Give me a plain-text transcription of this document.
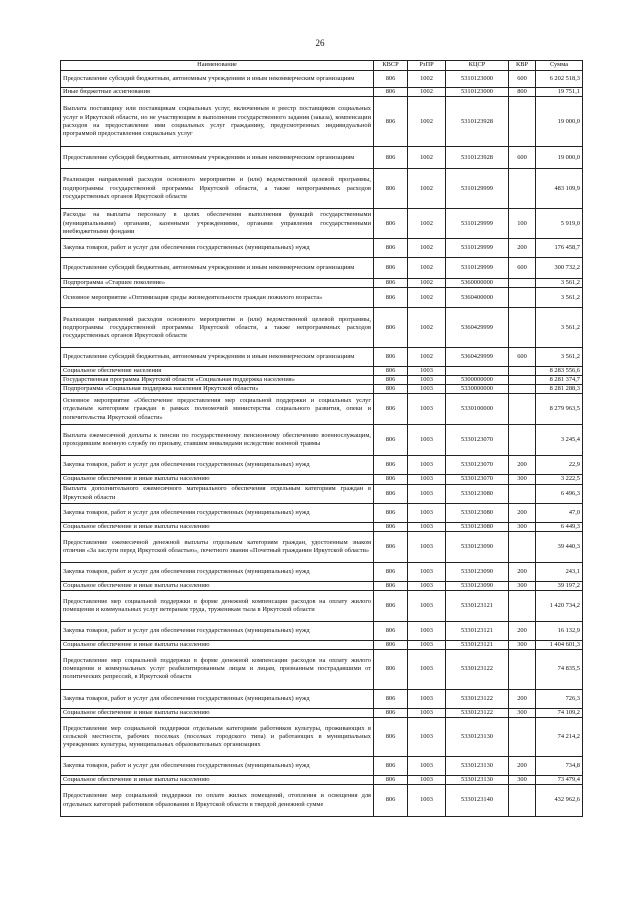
26
Наименование	КВСР	РзПР	КЦСР	КВР	Сумма
Предоставление субсидий бюджетным, автономным учреждениям и иным некоммерческим организациям	806	1002	5310123000	600	6 202 518,3
Иные бюджетные ассигнования	806	1002	5310123000	800	19 751,1
Выплата поставщику или поставщикам социальных услуг, включенным в реестр поставщиков социальных услуг в Иркутской области, но не участвующим в выполнении государственного задания (заказа), компенсации расходов на предоставление ими социальных услуг гражданину, предусмотренных индивидуальной программой предоставления социальных услуг	806	1002	5310123928		19 000,0
Предоставление субсидий бюджетным, автономным учреждениям и иным некоммерческим организациям	806	1002	5310123928	600	19 000,0
Реализация направлений расходов основного мероприятия и (или) ведомственной целевой программы, подпрограммы государственной программы Иркутской области, а также непрограммных расходов государственных органов Иркутской области	806	1002	5310129999		483 109,9
Расходы на выплаты персоналу в целях обеспечения выполнения функций государственными (муниципальными) органами, казенными учреждениями, органами управления государственными внебюджетными фондами	806	1002	5310129999	100	5 919,0
Закупка товаров, работ и услуг для обеспечения государственных (муниципальных) нужд	806	1002	5310129999	200	176 458,7
Предоставление субсидий бюджетным, автономным учреждениям и иным некоммерческим организациям	806	1002	5310129999	600	300 732,2
Подпрограмма «Старшее поколение»	806	1002	5360000000		3 561,2
Основное мероприятие «Оптимизация среды жизнедеятельности граждан пожилого возраста»	806	1002	5360400000		3 561,2
Реализация направлений расходов основного мероприятия и (или) ведомственной целевой программы, подпрограммы государственной программы Иркутской области, а также непрограммных расходов государственных органов Иркутской области	806	1002	5360429999		3 561,2
Предоставление субсидий бюджетным, автономным учреждениям и иным некоммерческим организациям	806	1002	5360429999	600	3 561,2
Социальное обеспечение населения	806	1003			8 283 556,6
Государственная программа Иркутской области «Социальная поддержка населения»	806	1003	5300000000		8 281 374,7
Подпрограмма «Социальная поддержка населения Иркутской области»	806	1003	5330000000		8 281 288,3
Основное мероприятие «Обеспечение предоставления мер социальной поддержки и социальных услуг отдельным категориям граждан в рамках полномочий министерства социального развития, опеки и попечительства Иркутской области»	806	1003	5330100000		8 279 963,5
Выплата ежемесячной доплаты к пенсии по государственному пенсионному обеспечению военнослужащим, проходившим военную службу по призыву, ставшим инвалидами вследствие военной травмы	806	1003	5330123070		3 245,4
Закупка товаров, работ и услуг для обеспечения государственных (муниципальных) нужд	806	1003	5330123070	200	22,9
Социальное обеспечение и иные выплаты населению	806	1003	5330123070	300	3 222,5
Выплата дополнительного ежемесячного материального обеспечения отдельным категориям граждан в Иркутской области	806	1003	5330123080		6 496,3
Закупка товаров, работ и услуг для обеспечения государственных (муниципальных) нужд	806	1003	5330123080	200	47,0
Социальное обеспечение и иные выплаты населению	806	1003	5330123080	300	6 449,3
Предоставление ежемесячной денежной выплаты отдельным категориям граждан, удостоенным знаком отличия «За заслуги перед Иркутской областью», почетного звания «Почетный гражданин Иркутской области»	806	1003	5330123090		39 440,3
Закупка товаров, работ и услуг для обеспечения государственных (муниципальных) нужд	806	1003	5330123090	200	243,1
Социальное обеспечение и иные выплаты населению	806	1003	5330123090	300	39 197,2
Предоставление мер социальной поддержки в форме денежной компенсации расходов на оплату жилого помещения и коммунальных услуг ветеранам труда, труженикам тыла в Иркутской области	806	1003	5330123121		1 420 734,2
Закупка товаров, работ и услуг для обеспечения государственных (муниципальных) нужд	806	1003	5330123121	200	16 132,9
Социальное обеспечение и иные выплаты населению	806	1003	5330123121	300	1 404 601,3
Предоставление мер социальной поддержки в форме денежной компенсации расходов на оплату жилого помещения и коммунальных услуг реабилитированным лицам и лицам, признанным пострадавшими от политических репрессий, в Иркутской области	806	1003	5330123122		74 835,5
Закупка товаров, работ и услуг для обеспечения государственных (муниципальных) нужд	806	1003	5330123122	200	726,3
Социальное обеспечение и иные выплаты населению	806	1003	5330123122	300	74 109,2
Предоставление мер социальной поддержки отдельным категориям работников культуры, проживающих в сельской местности, рабочих поселках (поселках городского типа) и работающих в муниципальных учреждениях культуры, муниципальных образовательных организациях	806	1003	5330123130		74 214,2
Закупка товаров, работ и услуг для обеспечения государственных (муниципальных) нужд	806	1003	5330123130	200	734,8
Социальное обеспечение и иные выплаты населению	806	1003	5330123130	300	73 479,4
Предоставление мер социальной поддержки по оплате жилых помещений, отопления и освещения для отдельных категорий работников образования в Иркутской области в твердой денежной сумме	806	1003	5330123140		432 962,6
